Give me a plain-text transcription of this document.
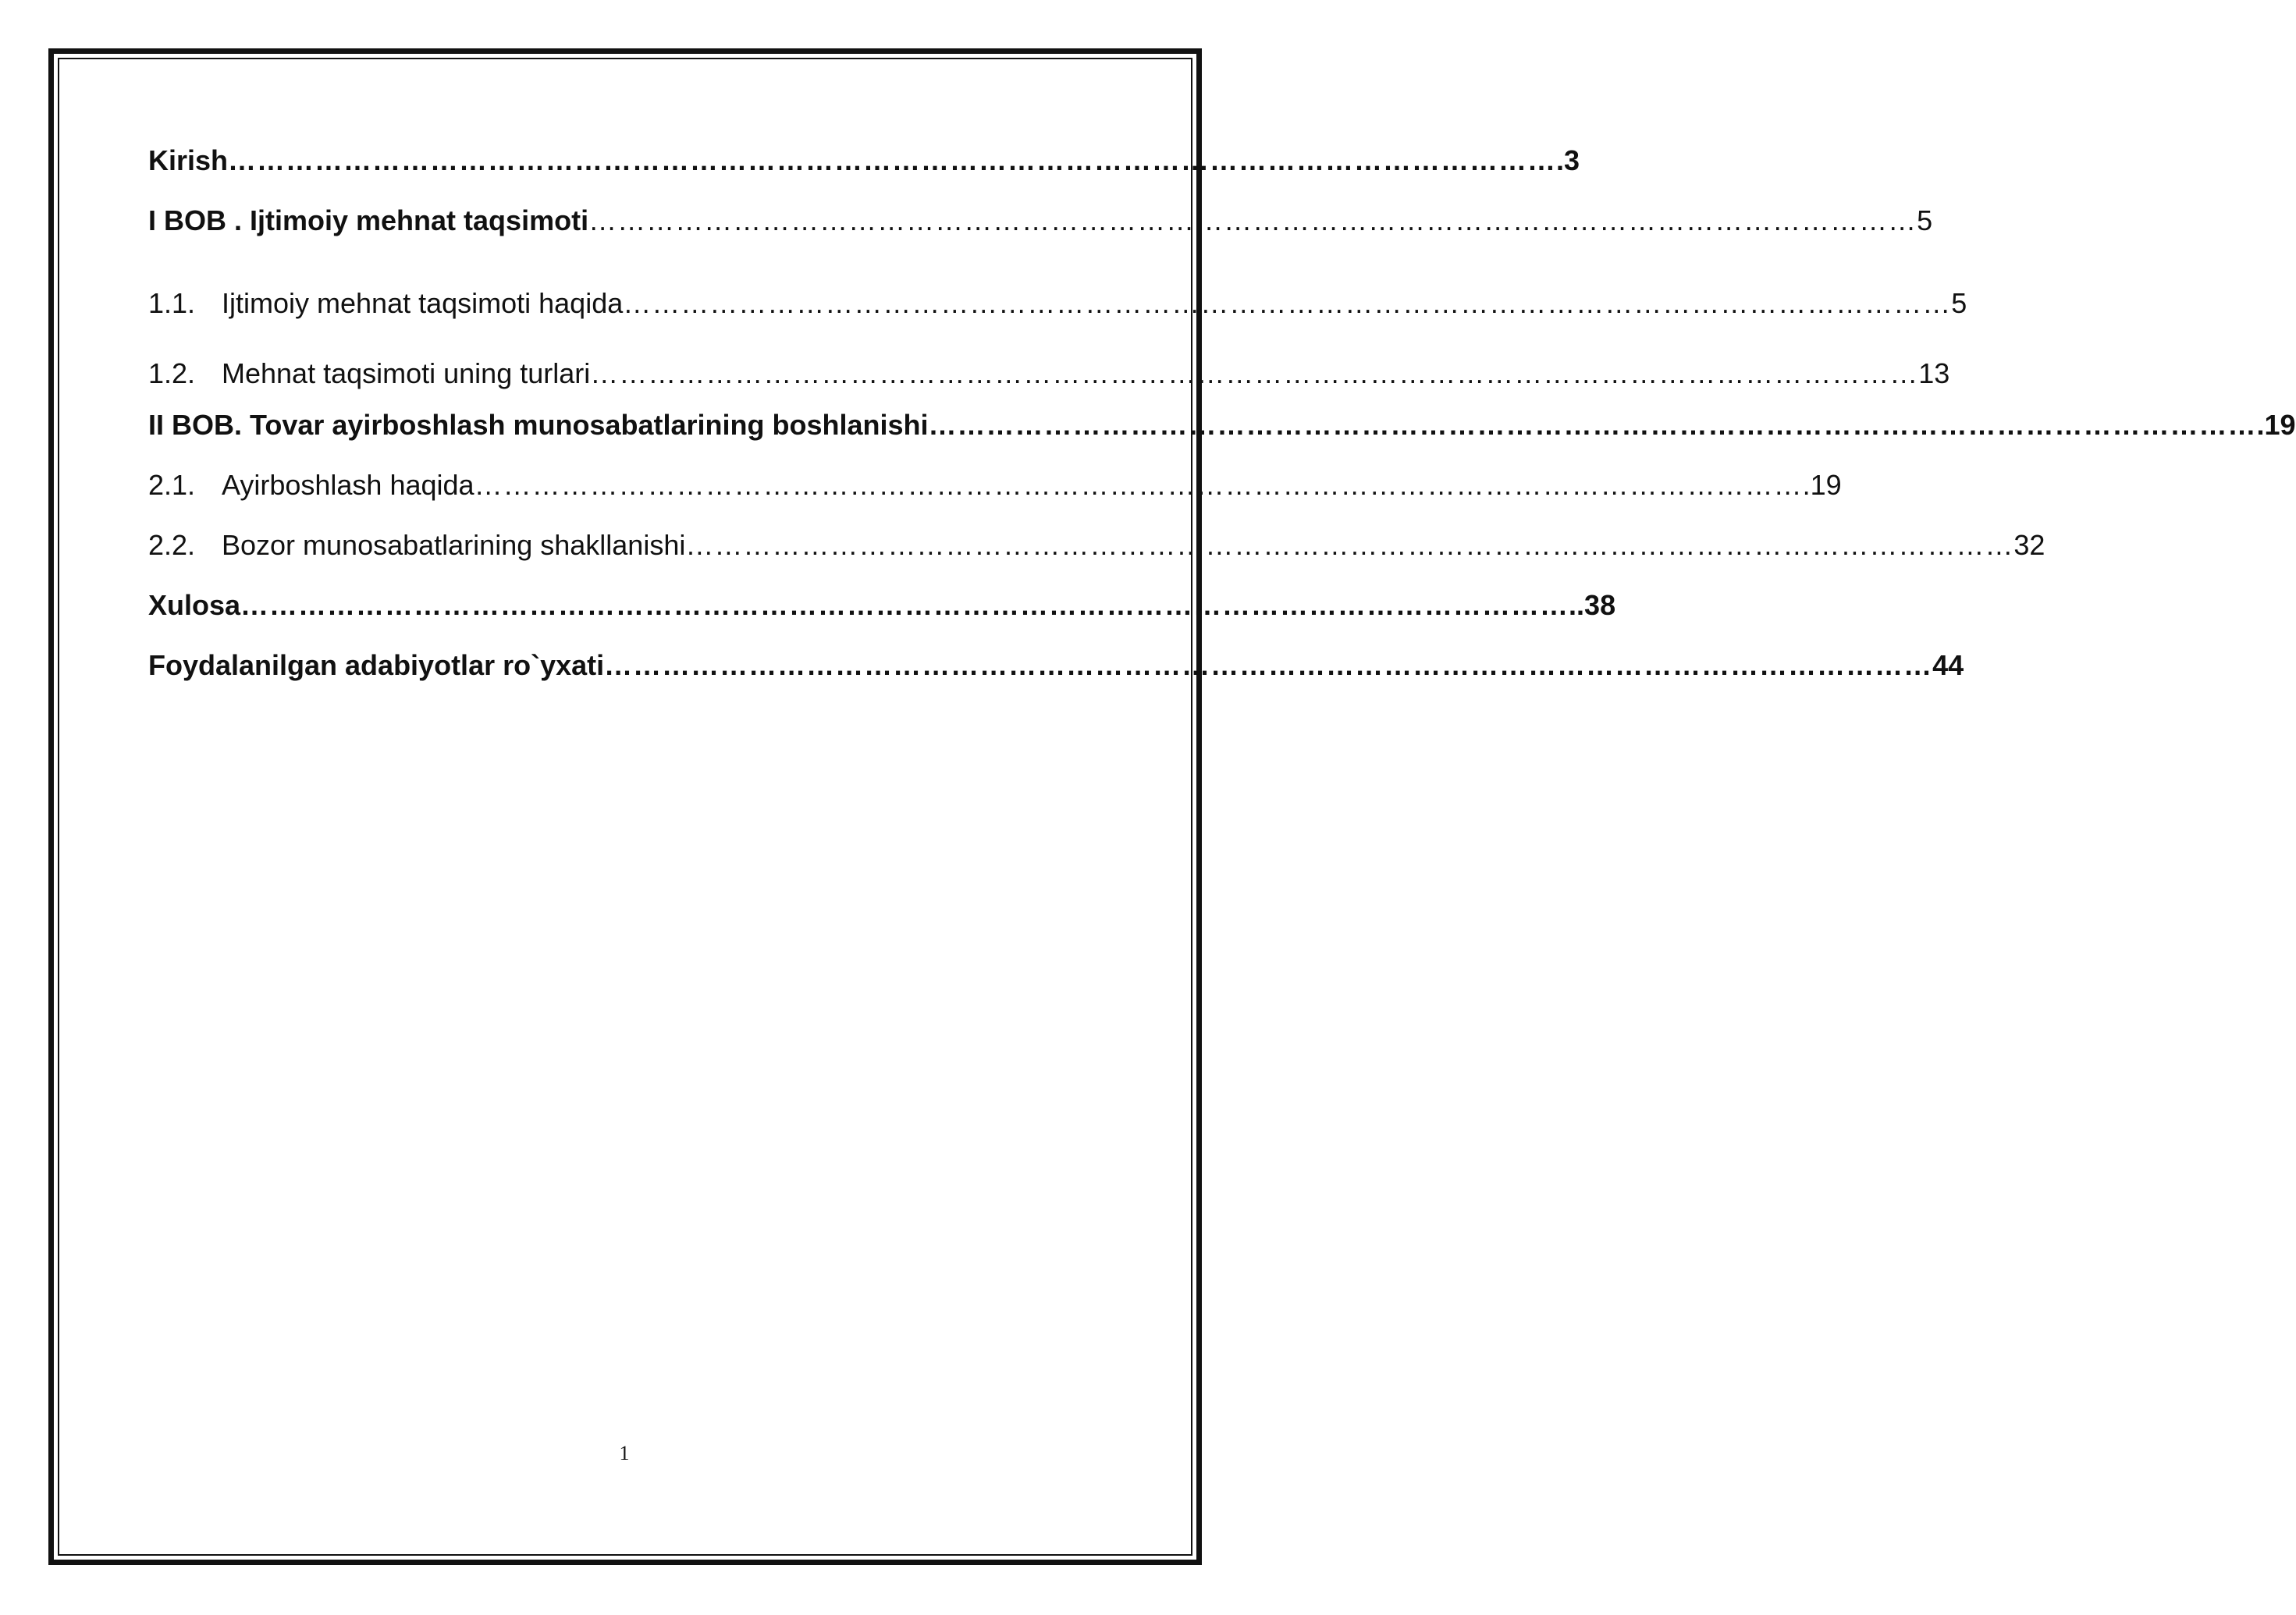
Kirish ………………………………………………………………………………………………………………………… .3
I BOB . Ijtimoiy mehnat taqsimoti ………………………………………………………………………………………………………………………… 5
1.1. Ijtimoiy mehnat taqsimoti haqida ………………………………………………………………………………………………………………………… 5
1.2. Mehnat taqsimoti uning turlari ………………………………………………………………………………………………………………………… 13
II BOB. Tovar ayirboshlash munosabatlarining boshlanishi ………………………………………………………………………………………………………………………… .19
2.1. Ayirboshlash haqida ………………………………………………………………………………………………………………………… .19
2.2. Bozor munosabatlarining shakllanishi ………………………………………………………………………………………………………………………… 32
Xulosa ………………………………………………………………………………………………………………………… ..38
Foydalanilgan adabiyotlar ro`yxati ………………………………………………………………………………………………………………………… 44
1
